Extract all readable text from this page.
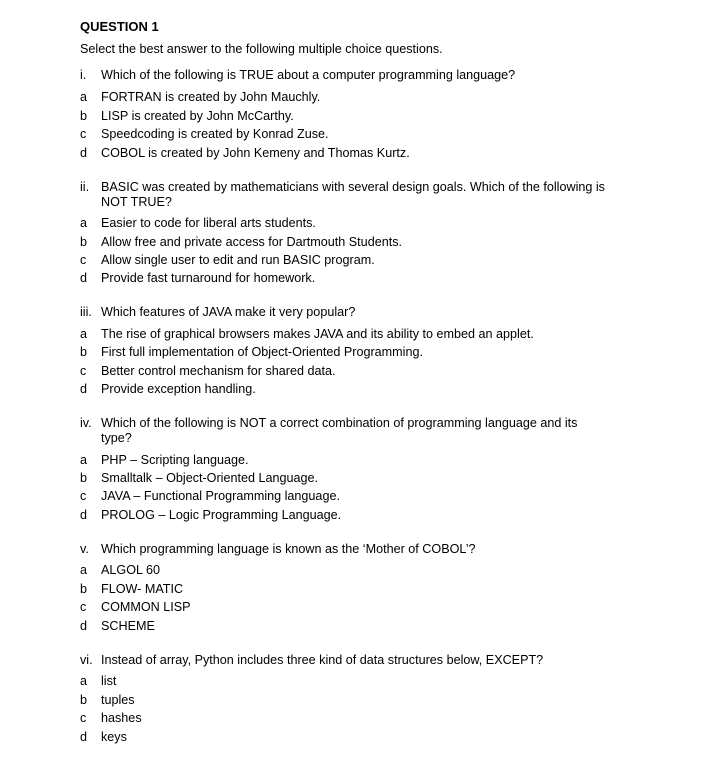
QUESTION 1
Select the best answer to the following multiple choice questions.
i.	Which of the following is TRUE about a computer programming language?
a	FORTRAN is created by John Mauchly.
b	LISP is created by John McCarthy.
c	Speedcoding is created by Konrad Zuse.
d	COBOL is created by John Kemeny and Thomas Kurtz.
ii. BASIC was created by mathematicians with several design goals. Which of the following is NOT TRUE?
a	Easier to code for liberal arts students.
b	Allow free and private access for Dartmouth Students.
c	Allow single user to edit and run BASIC program.
d	Provide fast turnaround for homework.
iii. Which features of JAVA make it very popular?
a	The rise of graphical browsers makes JAVA and its ability to embed an applet.
b	First full implementation of Object-Oriented Programming.
c	Better control mechanism for shared data.
d	Provide exception handling.
iv. Which of the following is NOT a correct combination of programming language and its type?
a	PHP – Scripting language.
b	Smalltalk – Object-Oriented Language.
c	JAVA – Functional Programming language.
d	PROLOG – Logic Programming Language.
v. Which programming language is known as the ‘Mother of COBOL’?
a	ALGOL 60
b	FLOW- MATIC
c	COMMON LISP
d	SCHEME
vi. Instead of array, Python includes three kind of data structures below, EXCEPT?
a	list
b	tuples
c	hashes
d	keys
